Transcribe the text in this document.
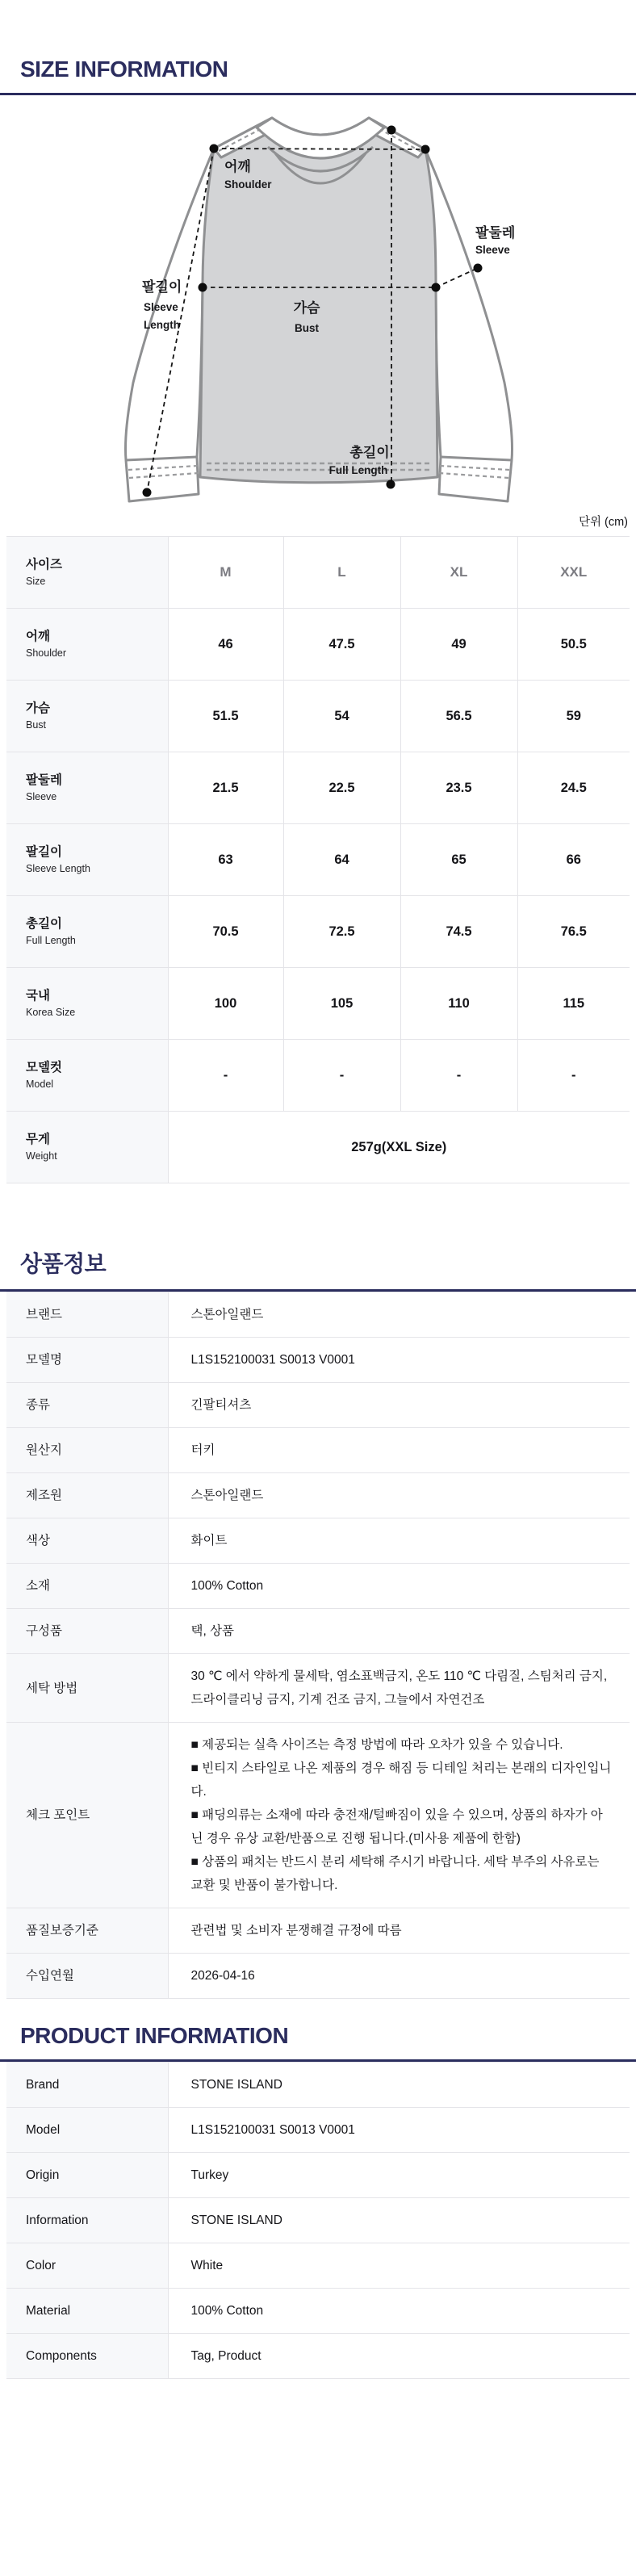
SIZE INFORMATION
어깨
Shoulder
팔둘레
Sleeve
팔길이
Sleeve
Length
가슴
Bust
총길이
Full Length
단위 (cm)
사이즈
Size	M	L	XL	XXL

어깨
Shoulder	46	47.5	49	50.5

가슴
Bust	51.5	54	56.5	59

팔둘레
Sleeve	21.5	22.5	23.5	24.5

팔길이
Sleeve Length	63	64	65	66

총길이
Full Length	70.5	72.5	74.5	76.5

국내
Korea Size	100	105	110	115

모델컷
Model	-	-	-	-

무게
Weight	257g(XXL Size)			
상품정보
브랜드	스톤아일랜드
모델명	L1S152100031 S0013 V0001
종류	긴팔티셔츠
원산지	터키
제조원	스톤아일랜드
색상	화이트
소재	100% Cotton
구성품	택, 상품
세탁 방법	30 ℃ 에서 약하게 물세탁, 염소표백금지, 온도 110 ℃ 다림질, 스팀처리 금지, 드라이클리닝 금지, 기계 건조 금지, 그늘에서 자연건조
체크 포인트	■ 제공되는 실측 사이즈는 측정 방법에 따라 오차가 있을 수 있습니다.
■ 빈티지 스타일로 나온 제품의 경우 해짐 등 디테일 처리는 본래의 디자인입니다.
■ 패딩의류는 소재에 따라 충전재/털빠짐이 있을 수 있으며, 상품의 하자가 아닌 경우 유상 교환/반품으로 진행 됩니다.(미사용 제품에 한함)
■ 상품의 패치는 반드시 분리 세탁해 주시기 바랍니다. 세탁 부주의 사유로는 교환 및 반품이 불가합니다.

품질보증기준	관련법 및 소비자 분쟁해결 규정에 따름
수입연월	2026-04-16
PRODUCT INFORMATION
Brand	STONE ISLAND
Model	L1S152100031 S0013 V0001
Origin	Turkey
Information	STONE ISLAND
Color	White
Material	100% Cotton
Components	Tag, Product
